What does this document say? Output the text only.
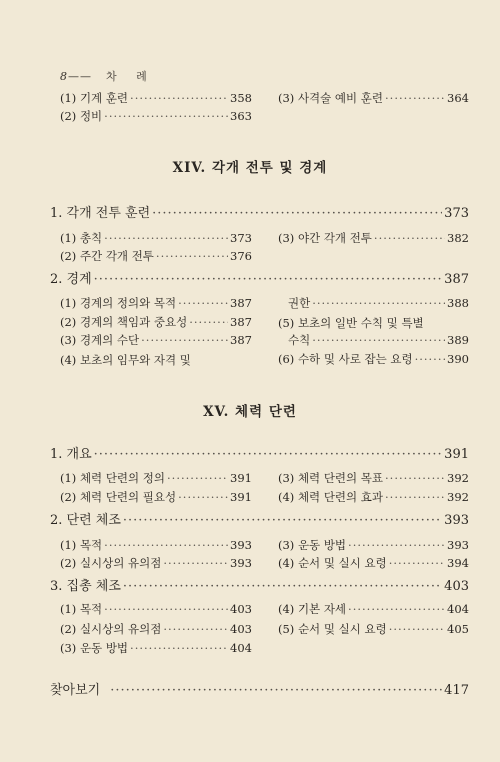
8—— 차 례
(1) 기계 훈련 ·····	358 (3) 사격술 예비 훈련 ·····	364
(2) 정비 ·····	363
XIV. 각개 전투 및 경계
1. 각개 전투 훈련 ·····	373
(1) 총칙 ·····	373 (3) 야간 각개 전투 ·····	382
(2) 주간 각개 전투 ·····	376
2. 경계 ·····	387
(1) 경계의 정의와 목적 ·····	387	권한 ·····	388
(2) 경계의 책임과 중요성 ·····	387 (5) 보초의 일반 수칙 및 특별
(3) 경계의 수단 ·····	387	수칙 ·····	389
(4) 보초의 임무와 자격 및	(6) 수하 및 사로 잡는 요령 ·····	390
XV. 체력 단련
1. 개요 ·····	391
(1) 체력 단련의 정의 ·····	391 (3) 체력 단련의 목표 ·····	392
(2) 체력 단련의 필요성 ·····	391 (4) 체력 단련의 효과 ·····	392
2. 단련 체조 ·····	393
(1) 목적 ·····	393 (3) 운동 방법 ·····	393
(2) 실시상의 유의점 ·····	393 (4) 순서 및 실시 요령 ·····	394
3. 집총 체조 ·····	403
(1) 목적 ·····	403 (4) 기본 자세 ·····	404
(2) 실시상의 유의점 ·····	403 (5) 순서 및 실시 요령 ·····	405
(3) 운동 방법 ·····	404
찾아보기 ·····	417
